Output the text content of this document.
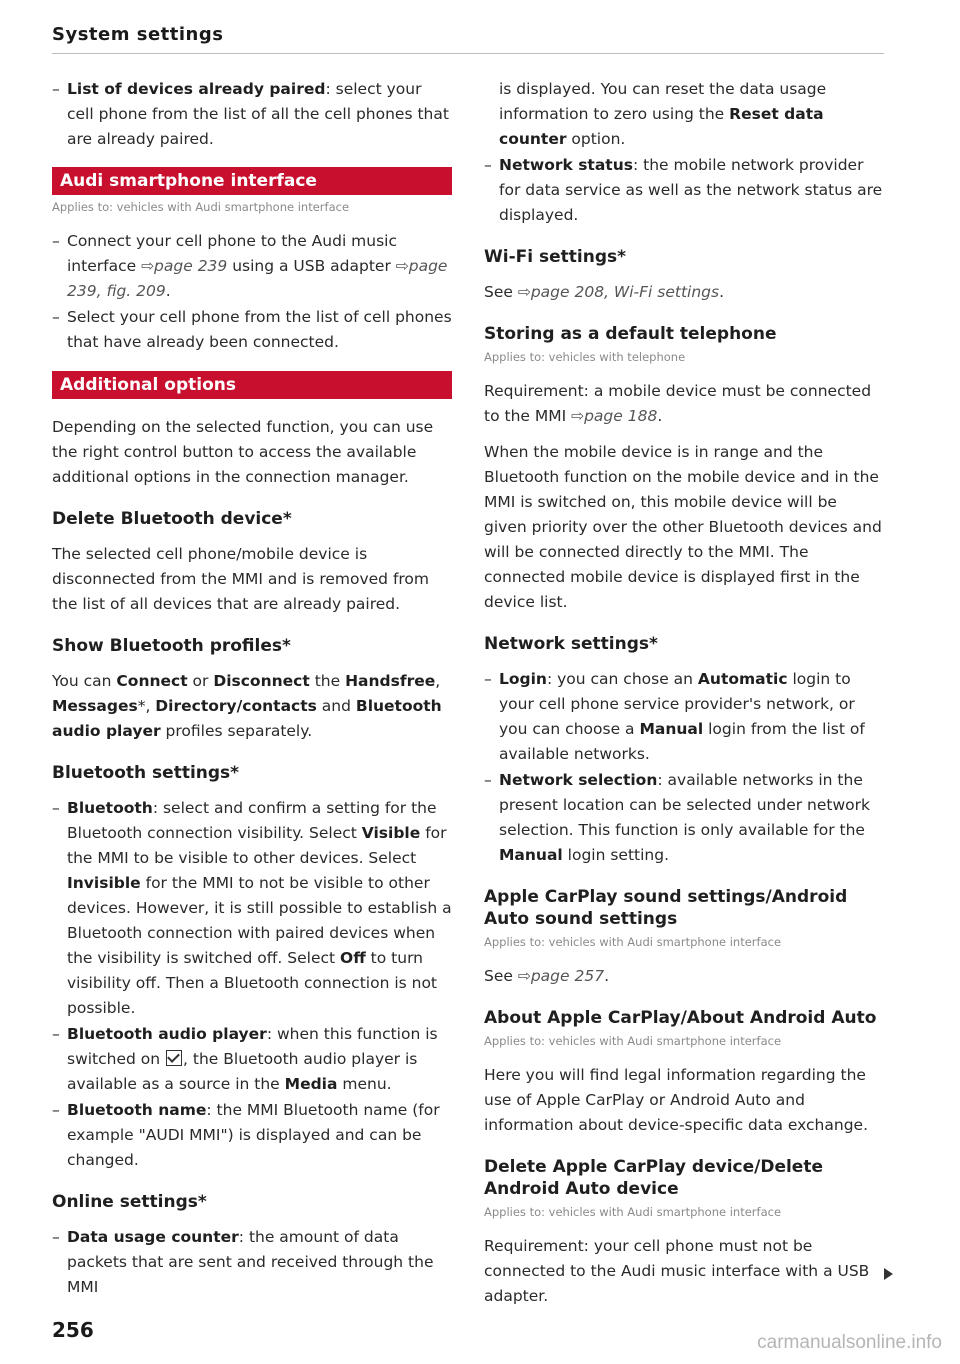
System settings
– List of devices already paired: select your cell phone from the list of all the cell phones that are already paired.
Audi smartphone interface
Applies to: vehicles with Audi smartphone interface
– Connect your cell phone to the Audi music interface ⇨page 239 using a USB adapter ⇨page 239, fig. 209.
– Select your cell phone from the list of cell phones that have already been connected.
Additional options

Depending on the selected function, you can use the right control button to access the available additional options in the connection manager.

Delete Bluetooth device*

The selected cell phone/mobile device is disconnected from the MMI and is removed from the list of all devices that are already paired.

Show Bluetooth profiles*

You can Connect or Disconnect the Handsfree, Messages*, Directory/contacts and Bluetooth audio player profiles separately.

Bluetooth settings*
– Bluetooth: select and confirm a setting for the Bluetooth connection visibility. Select Visible for the MMI to be visible to other devices. Select Invisible for the MMI to not be visible to other devices. However, it is still possible to establish a Bluetooth connection with paired devices when the visibility is switched off. Select Off to turn visibility off. Then a Bluetooth connection is not possible.
– Bluetooth audio player: when this function is switched on , the Bluetooth audio player is available as a source in the Media menu.
– Bluetooth name: the MMI Bluetooth name (for example "AUDI MMI") is displayed and can be changed.
Online settings*
– Data usage counter: the amount of data packets that are sent and received through the MMI
is displayed. You can reset the data usage information to zero using the Reset data counter option.
– Network status: the mobile network provider for data service as well as the network status are displayed.
Wi-Fi settings*

See ⇨page 208, Wi-Fi settings.

Storing as a default telephone
Applies to: vehicles with telephone

Requirement: a mobile device must be connected to the MMI ⇨page 188.

When the mobile device is in range and the Bluetooth function on the mobile device and in the MMI is switched on, this mobile device will be given priority over the other Bluetooth devices and will be connected directly to the MMI. The connected mobile device is displayed first in the device list.

Network settings*
– Login: you can chose an Automatic login to your cell phone service provider's network, or you can choose a Manual login from the list of available networks.
– Network selection: available networks in the present location can be selected under network selection. This function is only available for the Manual login setting.
Apple CarPlay sound settings/Android Auto sound settings
Applies to: vehicles with Audi smartphone interface

See ⇨page 257.

About Apple CarPlay/About Android Auto
Applies to: vehicles with Audi smartphone interface

Here you will find legal information regarding the use of Apple CarPlay or Android Auto and information about device-specific data exchange.

Delete Apple CarPlay device/Delete Android Auto device
Applies to: vehicles with Audi smartphone interface

Requirement: your cell phone must not be connected to the Audi music interface with a USB adapter.

256
carmanualsonline.info
